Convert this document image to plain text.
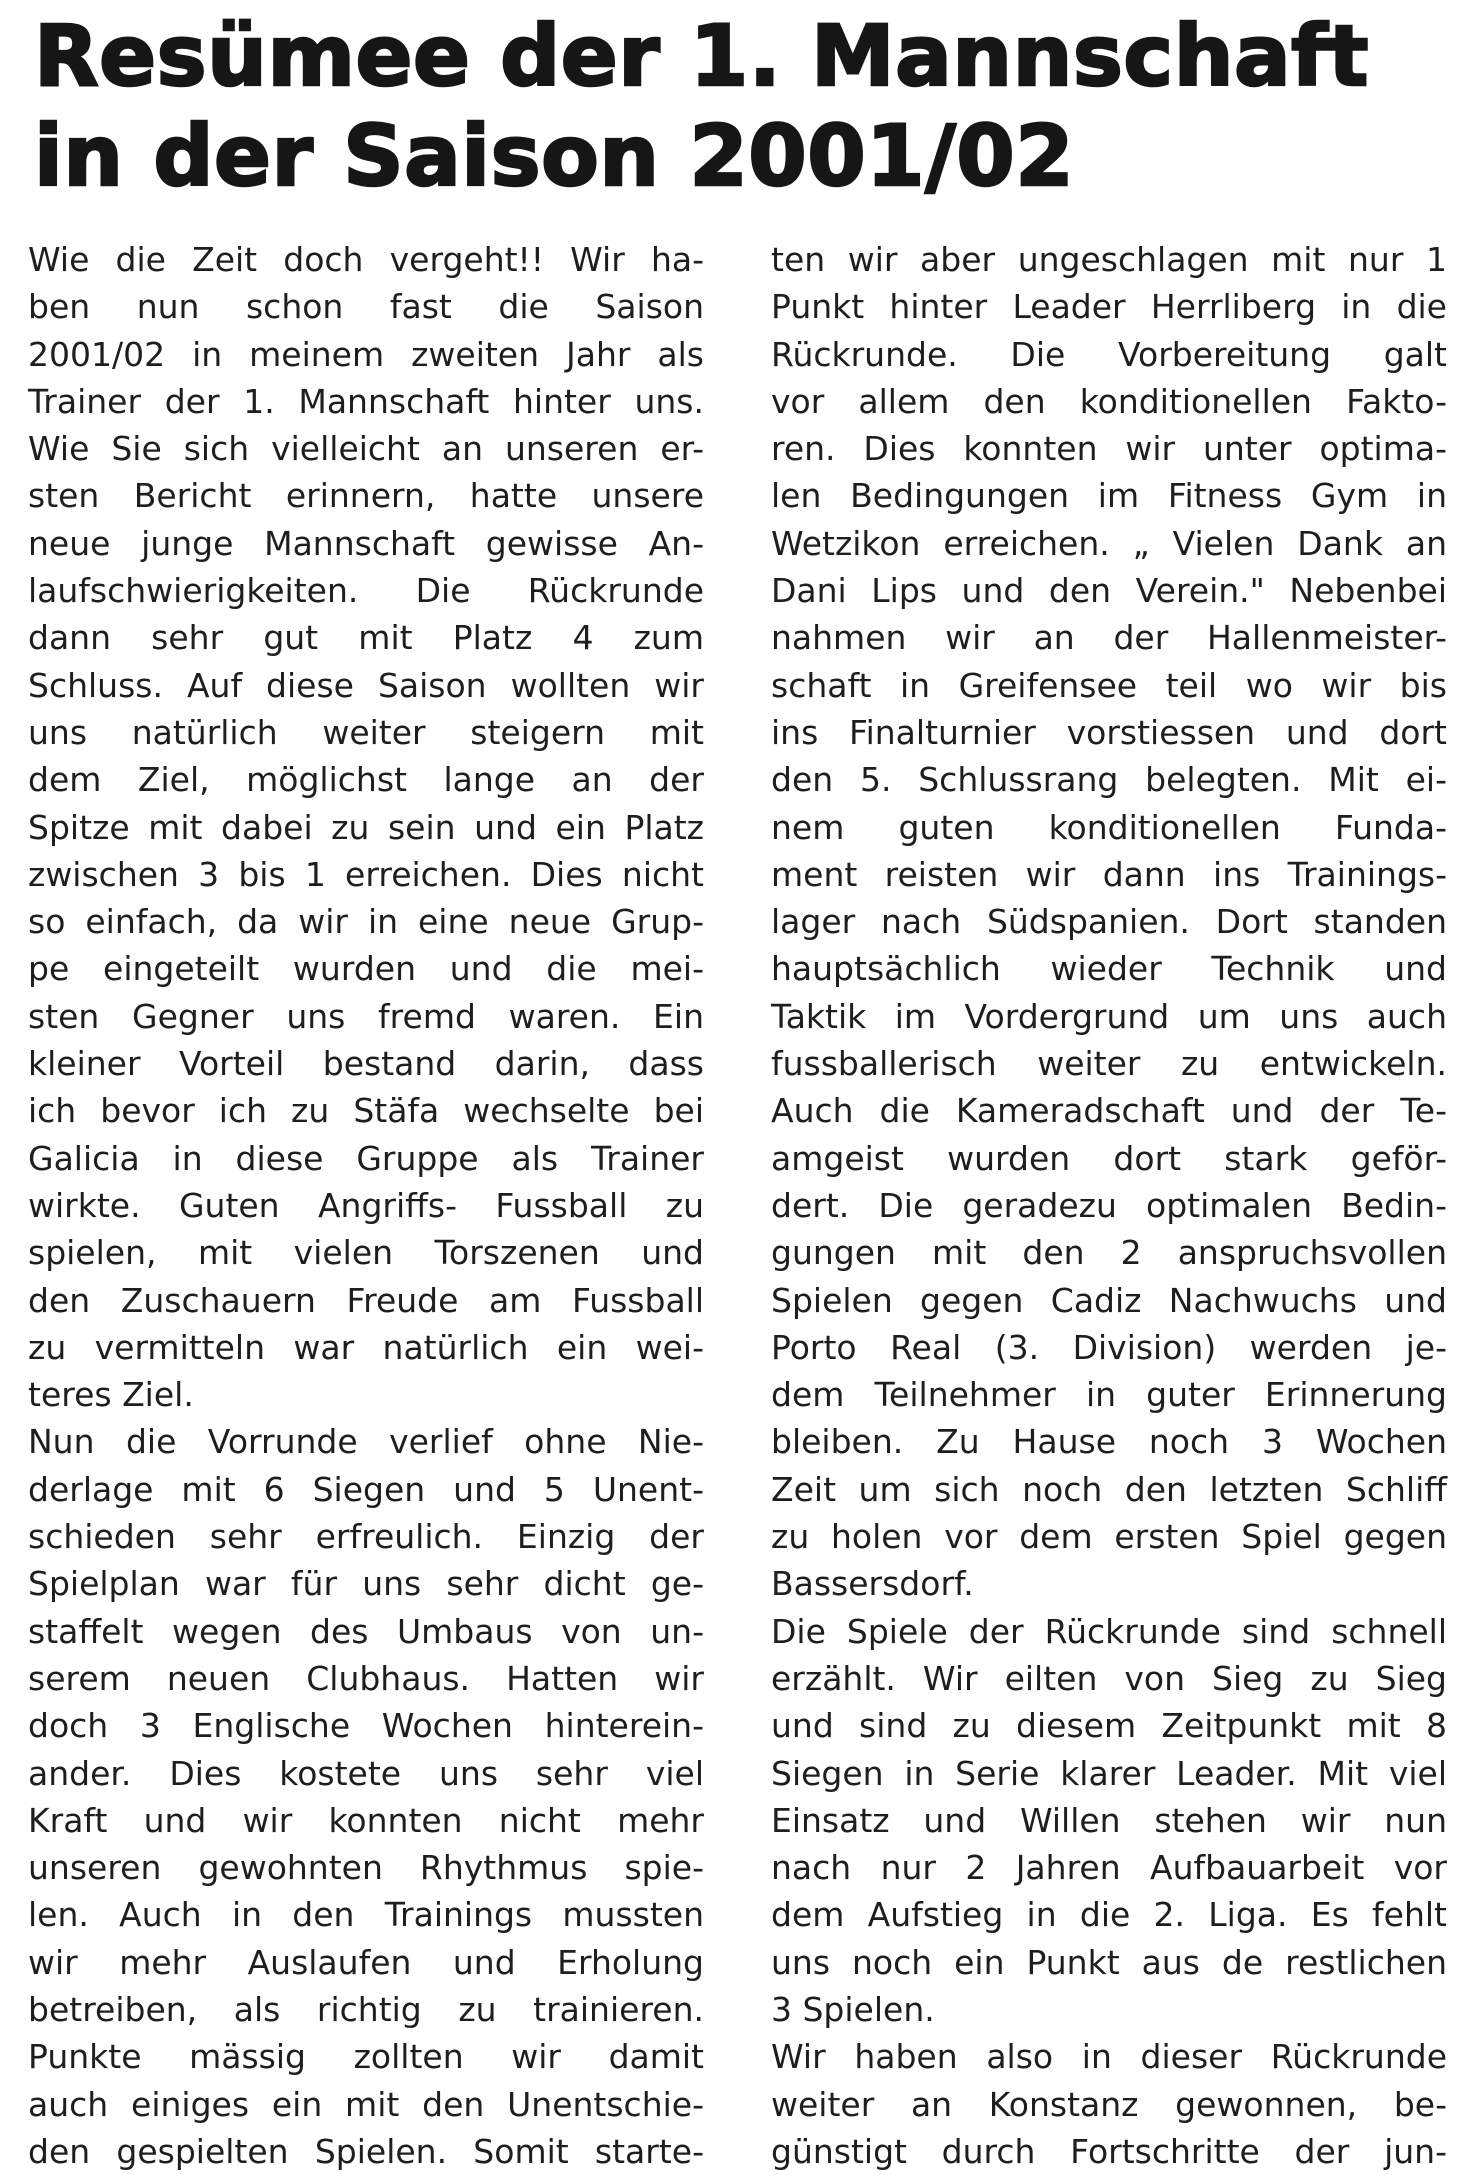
Resümee der 1. Mannschaft
in der Saison 2001/02
Wie die Zeit doch vergeht!! Wir ha-
ben nun schon fast die Saison
2001/02 in meinem zweiten Jahr als
Trainer der 1. Mannschaft hinter uns.
Wie Sie sich vielleicht an unseren er-
sten Bericht erinnern, hatte unsere
neue junge Mannschaft gewisse An-
laufschwierigkeiten. Die Rückrunde
dann sehr gut mit Platz 4 zum
Schluss. Auf diese Saison wollten wir
uns natürlich weiter steigern mit
dem Ziel, möglichst lange an der
Spitze mit dabei zu sein und ein Platz
zwischen 3 bis 1 erreichen. Dies nicht
so einfach, da wir in eine neue Grup-
pe eingeteilt wurden und die mei-
sten Gegner uns fremd waren. Ein
kleiner Vorteil bestand darin, dass
ich bevor ich zu Stäfa wechselte bei
Galicia in diese Gruppe als Trainer
wirkte. Guten Angriffs- Fussball zu
spielen, mit vielen Torszenen und
den Zuschauern Freude am Fussball
zu vermitteln war natürlich ein wei-
teres Ziel.
Nun die Vorrunde verlief ohne Nie-
derlage mit 6 Siegen und 5 Unent-
schieden sehr erfreulich. Einzig der
Spielplan war für uns sehr dicht ge-
staffelt wegen des Umbaus von un-
serem neuen Clubhaus. Hatten wir
doch 3 Englische Wochen hinterein-
ander. Dies kostete uns sehr viel
Kraft und wir konnten nicht mehr
unseren gewohnten Rhythmus spie-
len. Auch in den Trainings mussten
wir mehr Auslaufen und Erholung
betreiben, als richtig zu trainieren.
Punkte mässig zollten wir damit
auch einiges ein mit den Unentschie-
den gespielten Spielen. Somit starte-
ten wir aber ungeschlagen mit nur 1
Punkt hinter Leader Herrliberg in die
Rückrunde. Die Vorbereitung galt
vor allem den konditionellen Fakto-
ren. Dies konnten wir unter optima-
len Bedingungen im Fitness Gym in
Wetzikon erreichen. „ Vielen Dank an
Dani Lips und den Verein." Nebenbei
nahmen wir an der Hallenmeister-
schaft in Greifensee teil wo wir bis
ins Finalturnier vorstiessen und dort
den 5. Schlussrang belegten. Mit ei-
nem guten konditionellen Funda-
ment reisten wir dann ins Trainings-
lager nach Südspanien. Dort standen
hauptsächlich wieder Technik und
Taktik im Vordergrund um uns auch
fussballerisch weiter zu entwickeln.
Auch die Kameradschaft und der Te-
amgeist wurden dort stark geför-
dert. Die geradezu optimalen Bedin-
gungen mit den 2 anspruchsvollen
Spielen gegen Cadiz Nachwuchs und
Porto Real (3. Division) werden je-
dem Teilnehmer in guter Erinnerung
bleiben. Zu Hause noch 3 Wochen
Zeit um sich noch den letzten Schliff
zu holen vor dem ersten Spiel gegen
Bassersdorf.
Die Spiele der Rückrunde sind schnell
erzählt. Wir eilten von Sieg zu Sieg
und sind zu diesem Zeitpunkt mit 8
Siegen in Serie klarer Leader. Mit viel
Einsatz und Willen stehen wir nun
nach nur 2 Jahren Aufbauarbeit vor
dem Aufstieg in die 2. Liga. Es fehlt
uns noch ein Punkt aus de restlichen
3 Spielen.
Wir haben also in dieser Rückrunde
weiter an Konstanz gewonnen, be-
günstigt durch Fortschritte der jun-
